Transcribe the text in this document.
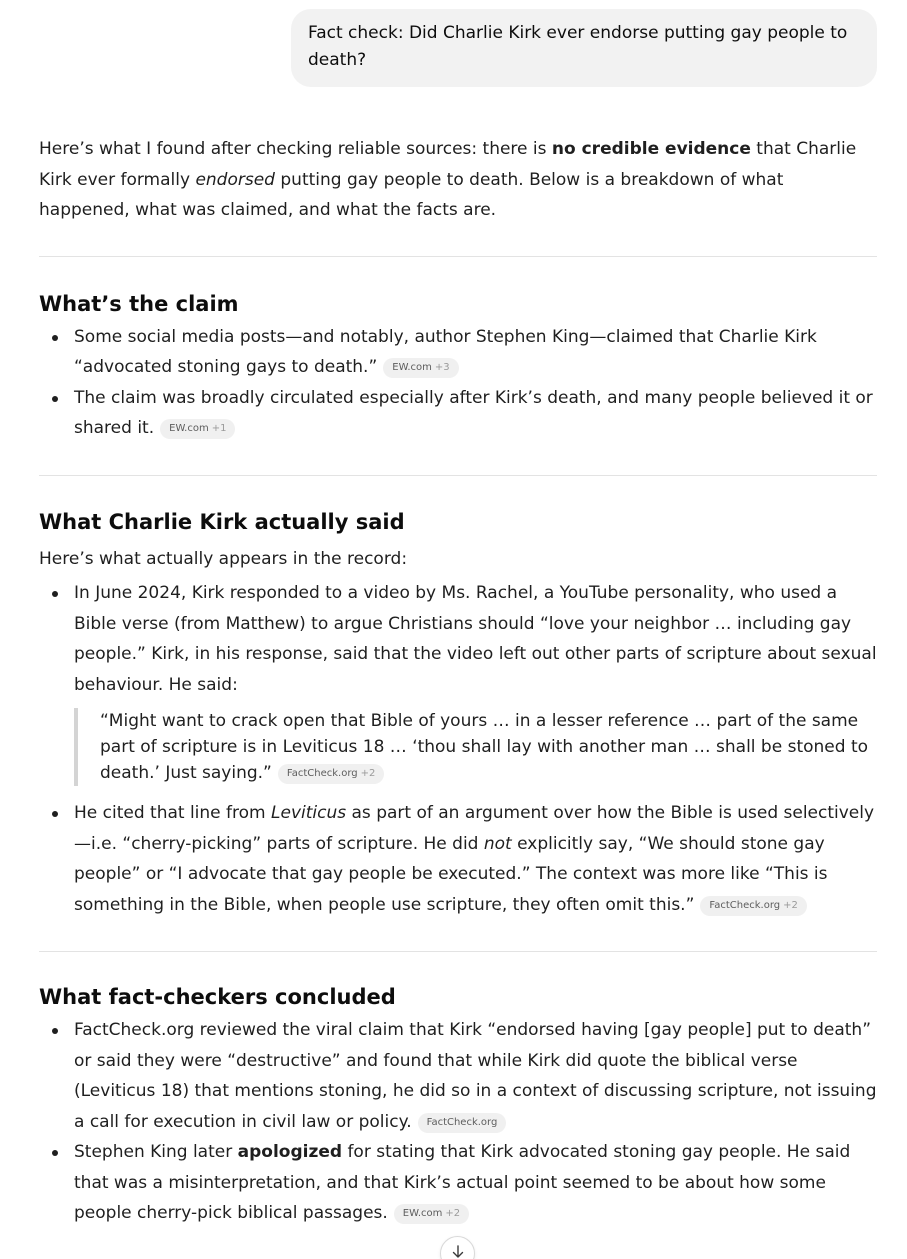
Fact check: Did Charlie Kirk ever endorse putting gay people to death?

Here’s what I found after checking reliable sources: there is no credible evidence that Charlie Kirk ever formally endorsed putting gay people to death. Below is a breakdown of what happened, what was claimed, and what the facts are.

What’s the claim
Some social media posts—and notably, author Stephen King—claimed that Charlie Kirk “advocated stoning gays to death.” EW.com +3
The claim was broadly circulated especially after Kirk’s death, and many people believed it or shared it. EW.com +1
What Charlie Kirk actually said

Here’s what actually appears in the record:

In June 2024, Kirk responded to a video by Ms. Rachel, a YouTube personality, who used a Bible verse (from Matthew) to argue Christians should “love your neighbor … including gay people.” Kirk, in his response, said that the video left out other parts of scripture about sexual behaviour. He said:
“Might want to crack open that Bible of yours … in a lesser reference … part of the same part of scripture is in Leviticus 18 … ‘thou shall lay with another man … shall be stoned to death.’ Just saying.” FactCheck.org +2
He cited that line from Leviticus as part of an argument over how the Bible is used selectively—i.e. “cherry-picking” parts of scripture. He did not explicitly say, “We should stone gay people” or “I advocate that gay people be executed.” The context was more like “This is something in the Bible, when people use scripture, they often omit this.” FactCheck.org +2
What fact-checkers concluded
FactCheck.org reviewed the viral claim that Kirk “endorsed having [gay people] put to death” or said they were “destructive” and found that while Kirk did quote the biblical verse (Leviticus 18) that mentions stoning, he did so in a context of discussing scripture, not issuing a call for execution in civil law or policy. FactCheck.org
Stephen King later apologized for stating that Kirk advocated stoning gay people. He said that was a misinterpretation, and that Kirk’s actual point seemed to be about how some people cherry-pick biblical passages. EW.com +2
